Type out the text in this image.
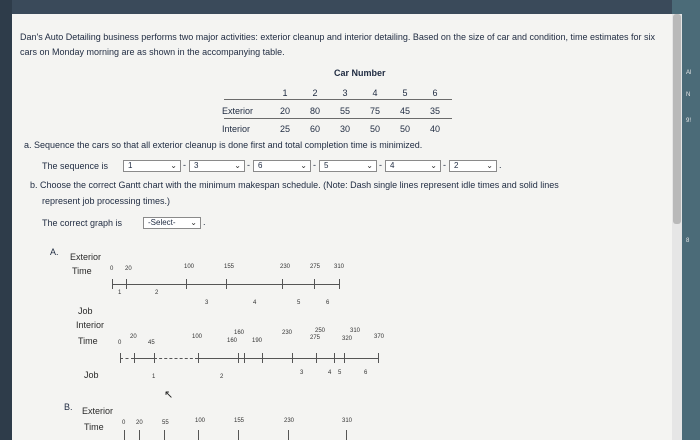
Al
N
9!
8
Dan's Auto Detailing business performs two major activities: exterior cleanup and interior detailing. Based on the size of car and condition, time estimates for six cars on Monday morning are as shown in the accompanying table.
Car Number
1	2	3	4	5	6
Exterior	20	80	55	75	45	35
Interior	25	60	30	50	50	40
a. Sequence the cars so that all exterior cleanup is done first and total completion time is minimized.
The sequence is	1	⌄ -	3	⌄ -	6	⌄ -	5	⌄ -	4	⌄ -	2	⌄ .
b. Choose the correct Gantt chart with the minimum makespan schedule. (Note: Dash single lines represent idle times and solid lines
represent job processing times.)
The correct graph is	-Select- ⌄ .
A. Exterior
Time	0 20	100	155	230	275 310
1	2
3	4	5	6
Job
Interior
Time	0
20
45
100
160
160 190
230	250
275
310
320	370
1	2
3	4 5	6
Job
↖
B. Exterior
Time	0 20	55	100	155	230	310
